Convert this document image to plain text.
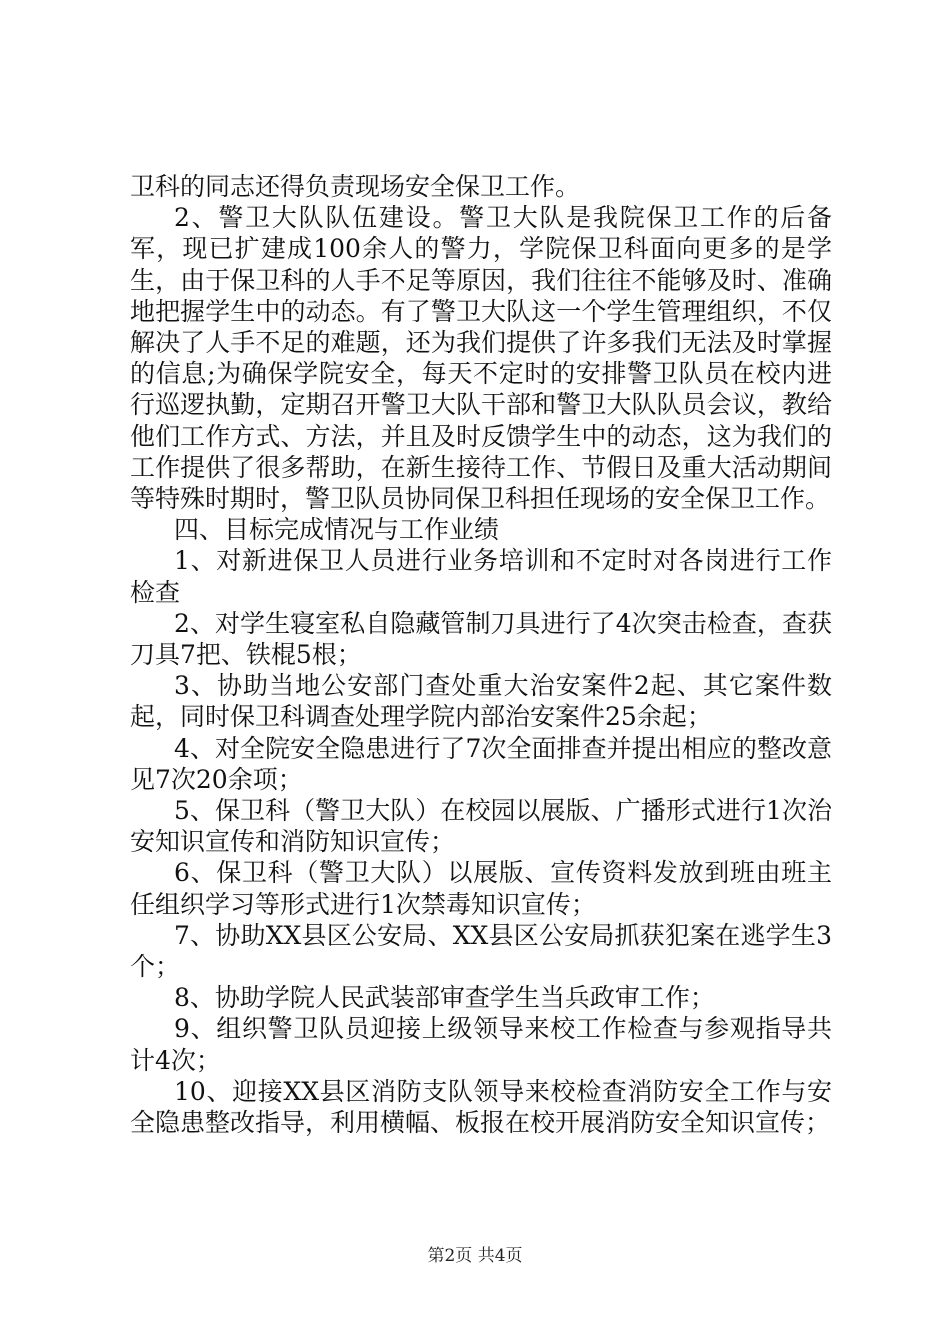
卫科的同志还得负责现场安全保卫工作。

2、警卫大队队伍建设。警卫大队是我院保卫工作的后备军，现已扩建成100余人的警力，学院保卫科面向更多的是学生，由于保卫科的人手不足等原因，我们往往不能够及时、准确地把握学生中的动态。有了警卫大队这一个学生管理组织，不仅解决了人手不足的难题，还为我们提供了许多我们无法及时掌握的信息;为确保学院安全，每天不定时的安排警卫队员在校内进行巡逻执勤，定期召开警卫大队干部和警卫大队队员会议，教给他们工作方式、方法，并且及时反馈学生中的动态，这为我们的工作提供了很多帮助，在新生接待工作、节假日及重大活动期间等特殊时期时，警卫队员协同保卫科担任现场的安全保卫工作。

四、目标完成情况与工作业绩

1、对新进保卫人员进行业务培训和不定时对各岗进行工作检查

2、对学生寝室私自隐藏管制刀具进行了4次突击检查，查获刀具7把、铁棍5根；

3、协助当地公安部门查处重大治安案件2起、其它案件数起，同时保卫科调查处理学院内部治安案件25余起；

4、对全院安全隐患进行了7次全面排查并提出相应的整改意见7次20余项；

5、保卫科（警卫大队）在校园以展版、广播形式进行1次治安知识宣传和消防知识宣传；

6、保卫科（警卫大队）以展版、宣传资料发放到班由班主任组织学习等形式进行1次禁毒知识宣传；

7、协助XX县区公安局、XX县区公安局抓获犯案在逃学生3个；

8、协助学院人民武装部审查学生当兵政审工作；

9、组织警卫队员迎接上级领导来校工作检查与参观指导共计4次；

10、迎接XX县区消防支队领导来校检查消防安全工作与安全隐患整改指导，利用横幅、板报在校开展消防安全知识宣传；

第2页 共4页
